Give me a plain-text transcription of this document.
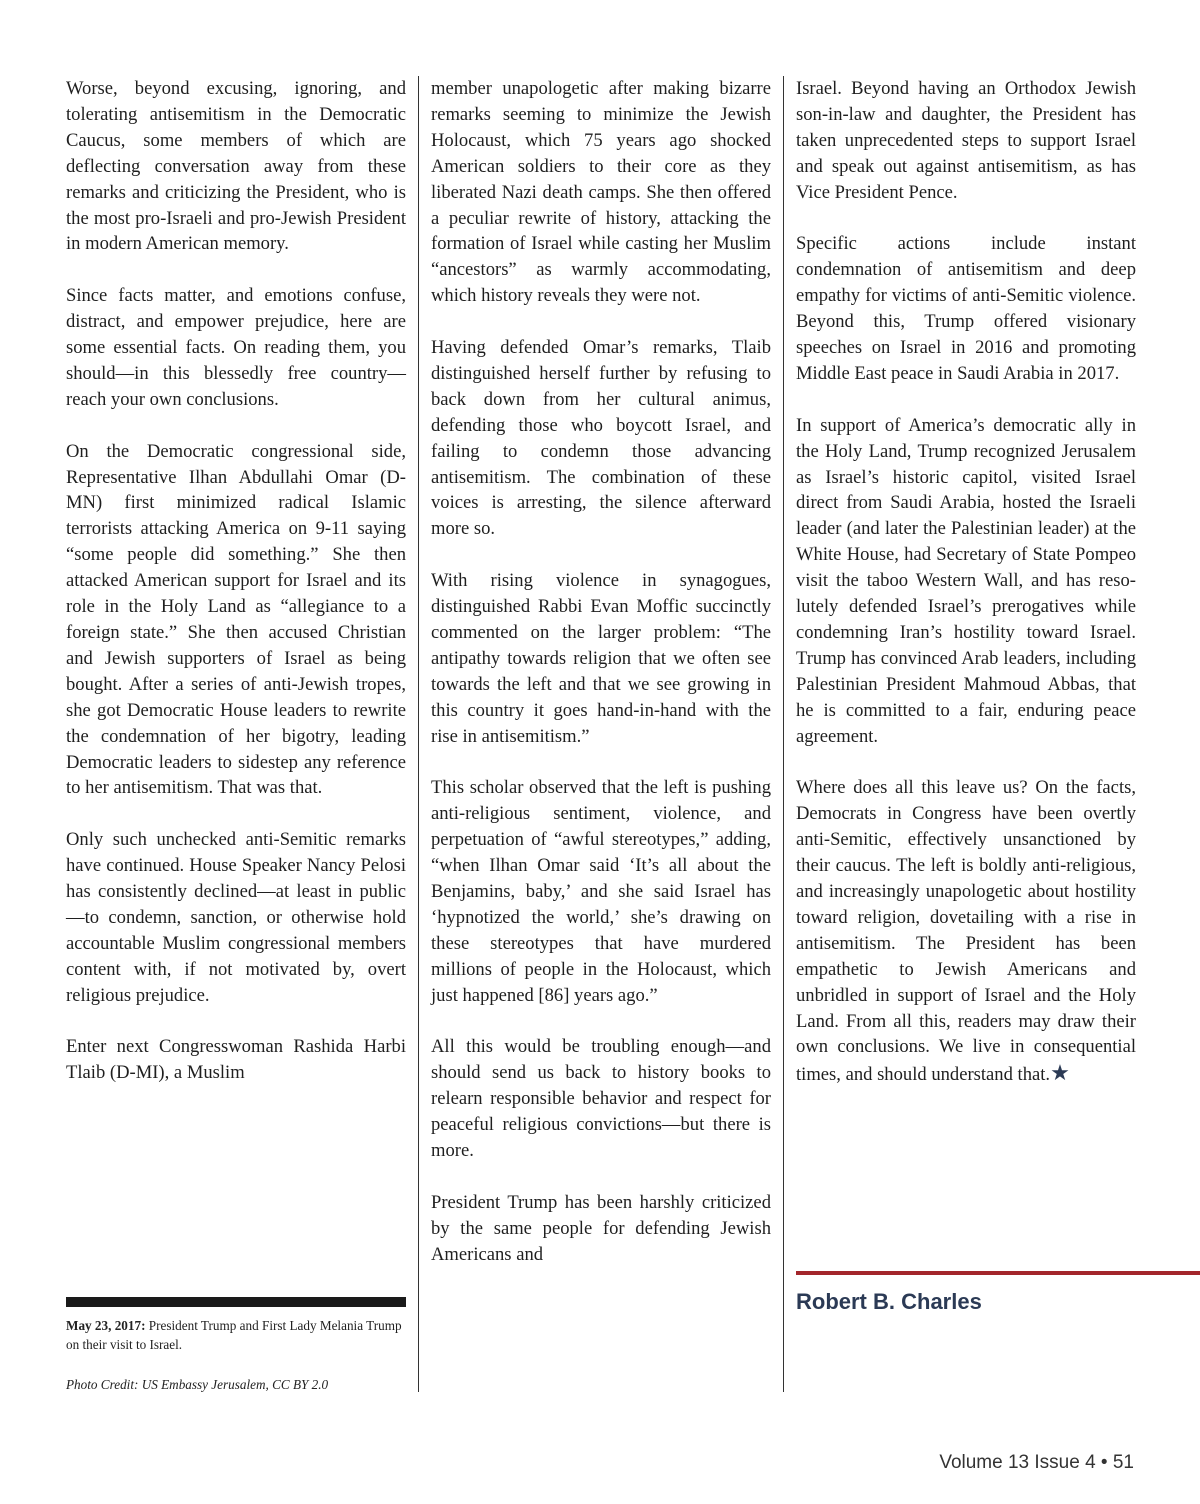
Worse, beyond excusing, ignoring, and tolerating antisemitism in the Democratic Caucus, some members of which are deflecting conversation away from these remarks and criticizing the President, who is the most pro-Israeli and pro-Jewish President in modern American memory.

Since facts matter, and emotions confuse, distract, and empower prejudice, here are some essential facts. On reading them, you should—in this blessedly free country—reach your own conclusions.

On the Democratic congressional side, Representative Ilhan Abdullahi Omar (D-MN) first minimized radical Islamic terrorists attacking America on 9-11 saying “some people did something.” She then attacked American support for Israel and its role in the Holy Land as “allegiance to a foreign state.” She then accused Christian and Jewish supporters of Israel as being bought. After a series of anti-Jewish tropes, she got Democratic House leaders to rewrite the condemnation of her bigotry, leading Democratic leaders to sidestep any reference to her antisemitism. That was that.

Only such unchecked anti-Semitic remarks have continued. House Speaker Nancy Pelosi has consistently declined—at least in public—to condemn, sanction, or otherwise hold accountable Muslim congressional members content with, if not motivated by, overt religious prejudice.

Enter next Congresswoman Rashida Harbi Tlaib (D-MI), a Muslim

member unapologetic after making bizarre remarks seeming to minimize the Jewish Holocaust, which 75 years ago shocked American soldiers to their core as they liberated Nazi death camps. She then offered a peculiar rewrite of history, attacking the formation of Israel while casting her Muslim “ancestors” as warmly accommodating, which history reveals they were not.

Having defended Omar’s remarks, Tlaib distinguished herself further by refusing to back down from her cultural animus, defending those who boycott Israel, and failing to condemn those advancing antisemitism. The combination of these voices is arresting, the silence afterward more so.

With rising violence in synagogues, distinguished Rabbi Evan Moffic succinctly commented on the larger problem: “The antipathy towards religion that we often see towards the left and that we see growing in this country it goes hand-in-hand with the rise in antisemitism.”

This scholar observed that the left is pushing anti-religious sentiment, violence, and perpetuation of “awful stereotypes,” adding, “when Ilhan Omar said ‘It’s all about the Benjamins, baby,’ and she said Israel has ‘hypnotized the world,’ she’s drawing on these stereotypes that have murdered millions of people in the Holocaust, which just happened [86] years ago.”

All this would be troubling enough—and should send us back to history books to relearn responsible behavior and respect for peaceful religious convictions—but there is more.

President Trump has been harshly criticized by the same people for defending Jewish Americans and

Israel. Beyond having an Orthodox Jewish son-in-law and daughter, the President has taken unprecedented steps to support Israel and speak out against antisemitism, as has Vice President Pence.

Specific actions include instant condemnation of antisemitism and deep empathy for victims of anti-Semitic violence. Beyond this, Trump offered visionary speeches on Israel in 2016 and promoting Middle East peace in Saudi Arabia in 2017.

In support of America’s democratic ally in the Holy Land, Trump recognized Jerusalem as Israel’s historic capitol, visited Israel direct from Saudi Arabia, hosted the Israeli leader (and later the Palestinian leader) at the White House, had Secretary of State Pompeo visit the taboo Western Wall, and has resolutely defended Israel’s prerogatives while condemning Iran’s hostility toward Israel. Trump has convinced Arab leaders, including Palestinian President Mahmoud Abbas, that he is committed to a fair, enduring peace agreement.

Where does all this leave us? On the facts, Democrats in Congress have been overtly anti-Semitic, effectively unsanctioned by their caucus. The left is boldly anti-religious, and increasingly unapologetic about hostility toward religion, dovetailing with a rise in antisemitism. The President has been empathetic to Jewish Americans and unbridled in support of Israel and the Holy Land. From all this, readers may draw their own conclusions. We live in consequential times, and should understand that.★

May 23, 2017: President Trump and First Lady Melania Trump on their visit to Israel.
Photo Credit: US Embassy Jerusalem, CC BY 2.0
Robert B. Charles
Volume 13 Issue 4 • 51
